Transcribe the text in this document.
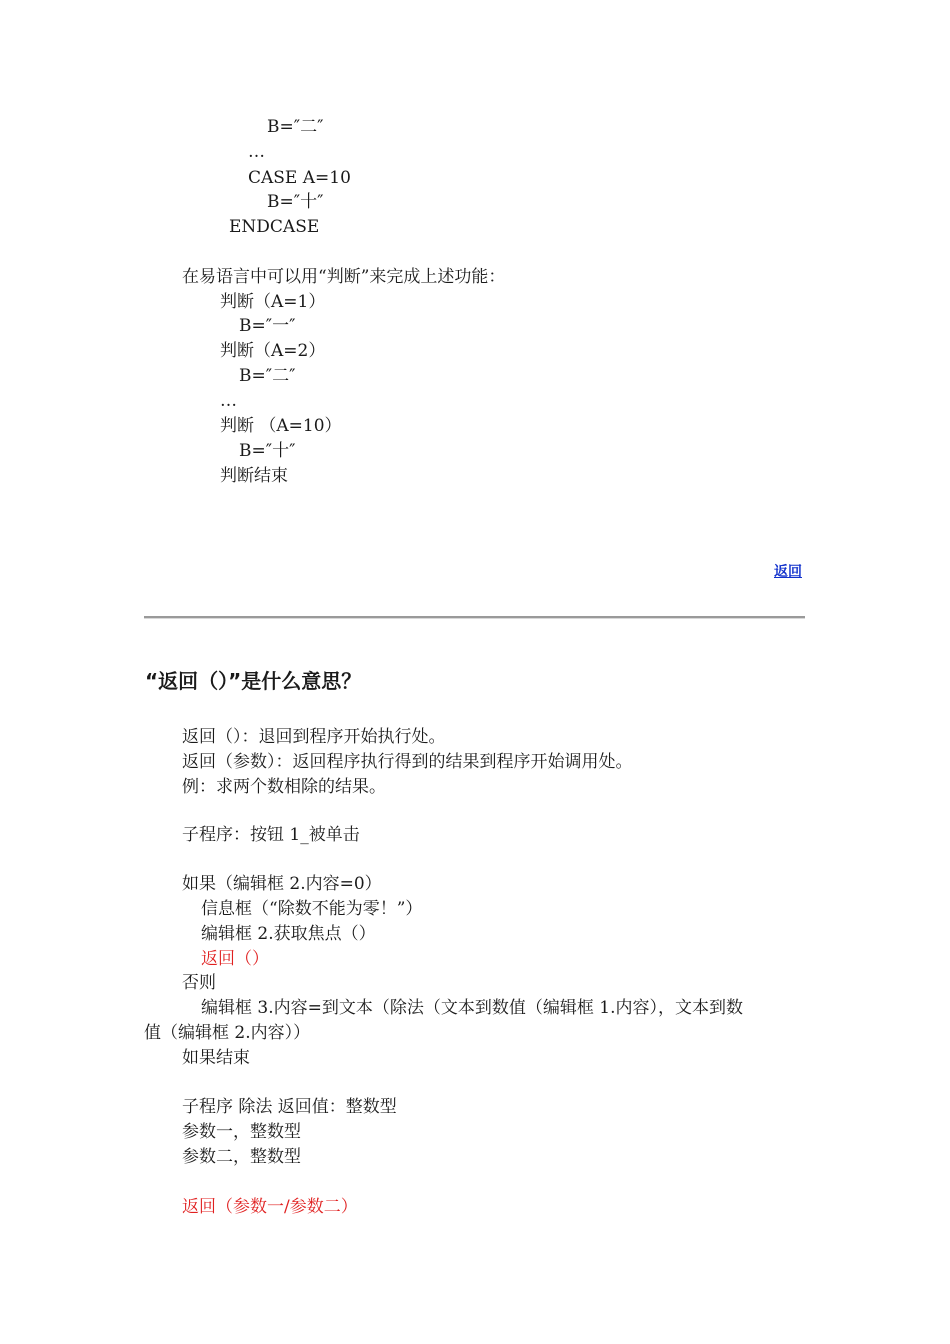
B=″二″
…
CASE A=10
B=″十″
ENDCASE
在易语言中可以用“判断”来完成上述功能：
判断（A=1）
B=″一″
判断（A=2）
B=″二″
…
判断 （A=10）
B=″十″
判断结束
返回
“返回（）”是什么意思？
返回（）：退回到程序开始执行处。
返回（参数）：返回程序执行得到的结果到程序开始调用处。
例：求两个数相除的结果。
子程序：按钮 1_被单击
如果（编辑框 2.内容=0）
信息框（“除数不能为零！”）
编辑框 2.获取焦点（）
返回（）
否则
编辑框 3.内容=到文本（除法（文本到数值（编辑框 1.内容），文本到数
值（编辑框 2.内容））
如果结束
子程序 除法 返回值：整数型
参数一，整数型
参数二，整数型
返回（参数一/参数二）
